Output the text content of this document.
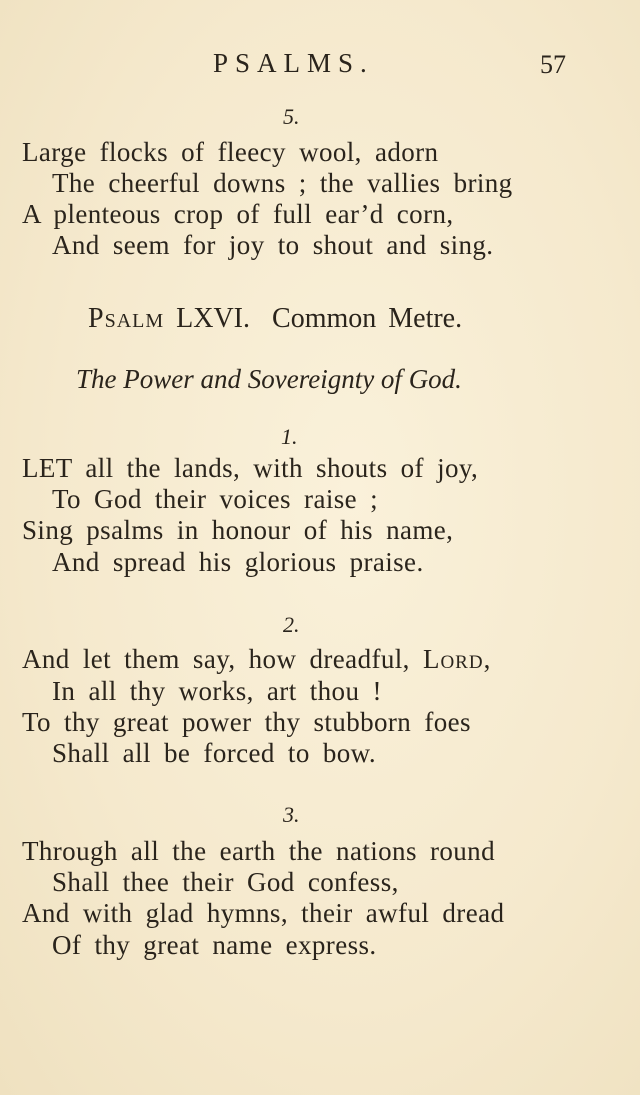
PSALMS.	57
5.
Large flocks of fleecy wool, adorn
The cheerful downs ; the vallies bring
A plenteous crop of full ear’d corn,
And seem for joy to shout and sing.
Psalm LXVI. Common Metre.
The Power and Sovereignty of God.
1.
LET all the lands, with shouts of joy,
To God their voices raise ;
Sing psalms in honour of his name,
And spread his glorious praise.
2.
And let them say, how dreadful, Lord,
In all thy works, art thou !
To thy great power thy stubborn foes
Shall all be forced to bow.
3.
Through all the earth the nations round
Shall thee their God confess,
And with glad hymns, their awful dread
Of thy great name express.
